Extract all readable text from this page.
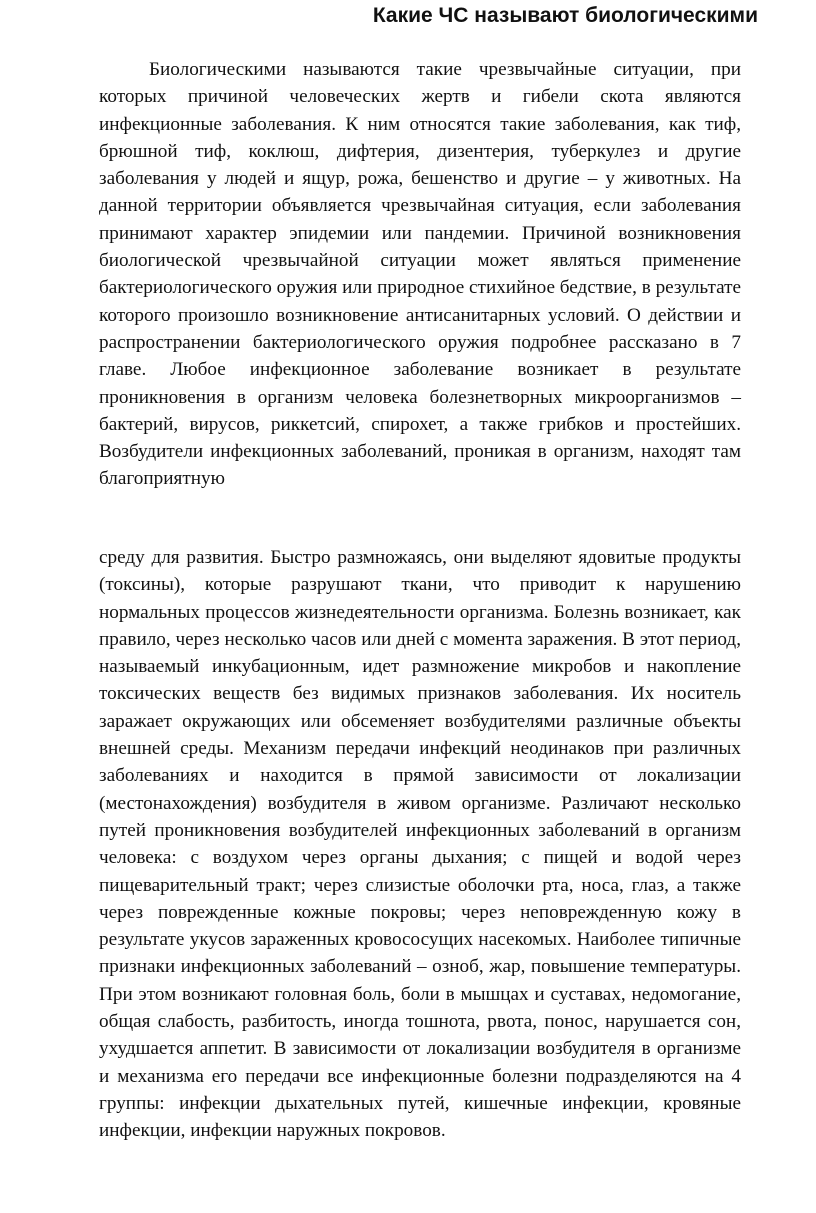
Какие ЧС называют биологическими

Биологическими называются такие чрезвычайные ситуации, при которых причиной человеческих жертв и гибели скота являются инфекционные заболевания. К ним относятся такие заболевания, как тиф, брюшной тиф, коклюш, дифтерия, дизентерия, туберкулез и другие заболевания у людей и ящур, рожа, бешенство и другие – у животных. На данной территории объявляется чрезвычайная ситуация, если заболевания принимают характер эпидемии или пандемии. Причиной возникновения биологической чрезвычайной ситуации может являться применение бактериологического оружия или природное стихийное бедствие, в результате которого произошло возникновение антисанитарных условий. О действии и распространении бактериологического оружия подробнее рассказано в 7 главе. Любое инфекционное заболевание возникает в результате проникновения в организм человека болезнетворных микроорганизмов – бактерий, вирусов, риккетсий, спирохет, а также грибков и простейших. Возбудители инфекционных заболеваний, проникая в организм, находят там благоприятную

среду для развития. Быстро размножаясь, они выделяют ядовитые продукты (токсины), которые разрушают ткани, что приводит к нарушению нормальных процессов жизнедеятельности организма. Болезнь возникает, как правило, через несколько часов или дней с момента заражения. В этот период, называемый инкубационным, идет размножение микробов и накопление токсических веществ без видимых признаков заболевания. Их носитель заражает окружающих или обсеменяет возбудителями различные объекты внешней среды. Механизм передачи инфекций неодинаков при различных заболеваниях и находится в прямой зависимости от локализации (местонахождения) возбудителя в живом организме. Различают несколько путей проникновения возбудителей инфекционных заболеваний в организм человека: с воздухом через органы дыхания; с пищей и водой через пищеварительный тракт; через слизистые оболочки рта, носа, глаз, а также через поврежденные кожные покровы; через неповрежденную кожу в результате укусов зараженных кровососущих насекомых. Наиболее типичные признаки инфекционных заболеваний – озноб, жар, повышение температуры. При этом возникают головная боль, боли в мышцах и суставах, недомогание, общая слабость, разбитость, иногда тошнота, рвота, понос, нарушается сон, ухудшается аппетит. В зависимости от локализации возбудителя в организме и механизма его передачи все инфекционные болезни подразделяются на 4 группы: инфекции дыхательных путей, кишечные инфекции, кровяные инфекции, инфекции наружных покровов.
